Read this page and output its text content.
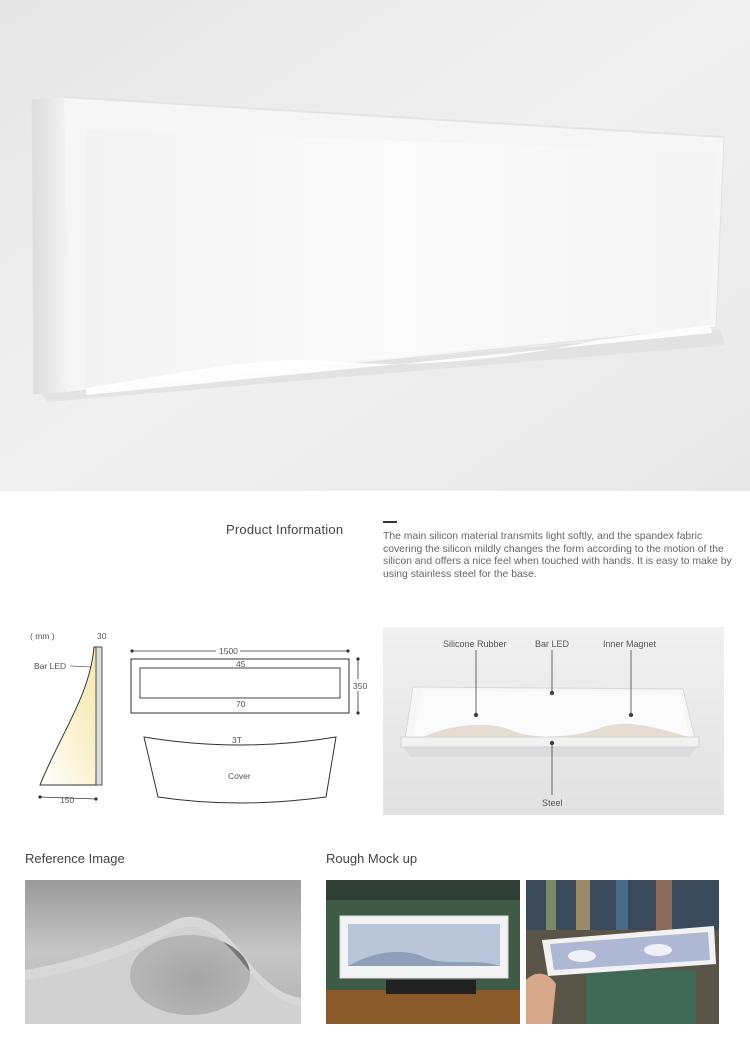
Product Information	The main silicon material transmits light softly, and the spandex fabric covering the silicon mildly changes the form according to the motion of the silicon and offers a nice feel when touched with hands. It is easy to make by using stainless steel for the base.
( mm )	30
Bar LED
150
1500
45
70
350
3T
Cover
Silicone Rubber	Bar LED	Inner Magnet
Steel
Reference Image	Rough Mock up
